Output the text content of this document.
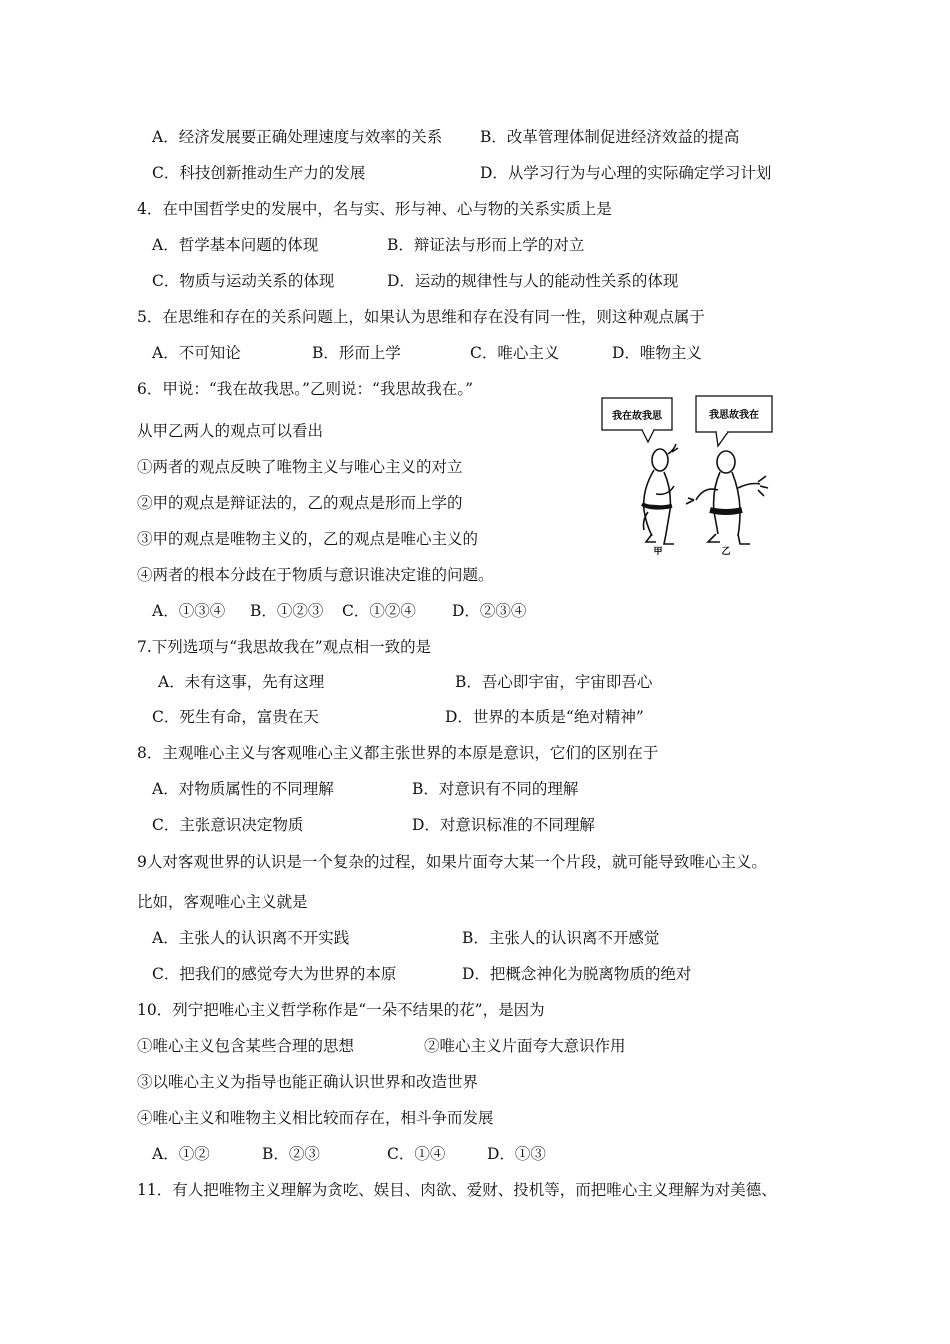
A．经济发展要正确处理速度与效率的关系 B．改革管理体制促进经济效益的提高
C．科技创新推动生产力的发展	D．从学习行为与心理的实际确定学习计划
4．在中国哲学史的发展中，名与实、形与神、心与物的关系实质上是
A．哲学基本问题的体现	B．辩证法与形而上学的对立
C．物质与运动关系的体现	D．运动的规律性与人的能动性关系的体现
5．在思维和存在的关系问题上，如果认为思维和存在没有同一性，则这种观点属于
A．不可知论	B．形而上学	C．唯心主义	D．唯物主义
6．甲说：“我在故我思。”乙则说：“我思故我在。”
从甲乙两人的观点可以看出
①两者的观点反映了唯物主义与唯心主义的对立
②甲的观点是辩证法的，乙的观点是形而上学的
③甲的观点是唯物主义的，乙的观点是唯心主义的
④两者的根本分歧在于物质与意识谁决定谁的问题。
A．①③④ B．①②③ C．①②④ D．②③④
我在故我思	我思故我在
甲	乙
7.下列选项与“我思故我在”观点相一致的是
A．未有这事，先有这理	B．吾心即宇宙，宇宙即吾心
C．死生有命，富贵在天	D．世界的本质是“绝对精神”
8．主观唯心主义与客观唯心主义都主张世界的本原是意识，它们的区别在于
A．对物质属性的不同理解	B．对意识有不同的理解
C．主张意识决定物质	D．对意识标准的不同理解
9人对客观世界的认识是一个复杂的过程，如果片面夸大某一个片段，就可能导致唯心主义。
比如，客观唯心主义就是
A．主张人的认识离不开实践	B．主张人的认识离不开感觉
C．把我们的感觉夸大为世界的本原	D．把概念神化为脱离物质的绝对
10．列宁把唯心主义哲学称作是“一朵不结果的花”，是因为
①唯心主义包含某些合理的思想	②唯心主义片面夸大意识作用
③以唯心主义为指导也能正确认识世界和改造世界
④唯心主义和唯物主义相比较而存在，相斗争而发展
A．①②	B．②③	C．①④	D．①③
11．有人把唯物主义理解为贪吃、娱目、肉欲、爱财、投机等，而把唯心主义理解为对美德、
